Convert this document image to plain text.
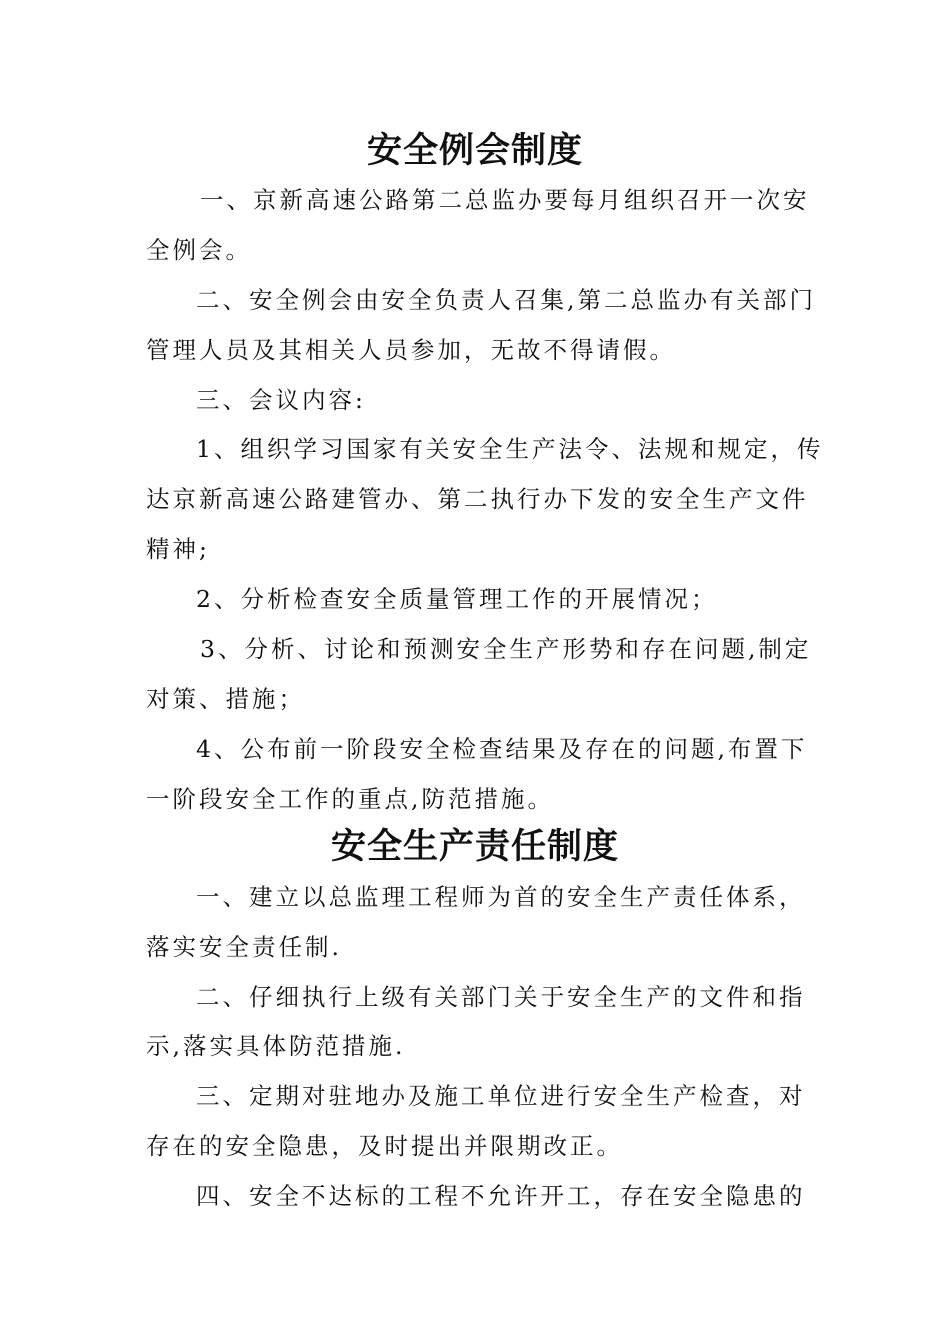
安全例会制度
一、京新高速公路第二总监办要每月组织召开一次安
全例会。
二、安全例会由安全负责人召集,第二总监办有关部门
管理人员及其相关人员参加，无故不得请假。
三、会议内容:
1、组织学习国家有关安全生产法令、法规和规定，传
达京新高速公路建管办、第二执行办下发的安全生产文件
精神;
2、分析检查安全质量管理工作的开展情况；
3、分析、讨论和预测安全生产形势和存在问题,制定
对策、措施；
4、公布前一阶段安全检查结果及存在的问题,布置下
一阶段安全工作的重点,防范措施。
安全生产责任制度
一、建立以总监理工程师为首的安全生产责任体系，
落实安全责任制.
二、仔细执行上级有关部门关于安全生产的文件和指
示,落实具体防范措施.
三、定期对驻地办及施工单位进行安全生产检查，对
存在的安全隐患，及时提出并限期改正。
四、安全不达标的工程不允许开工，存在安全隐患的
